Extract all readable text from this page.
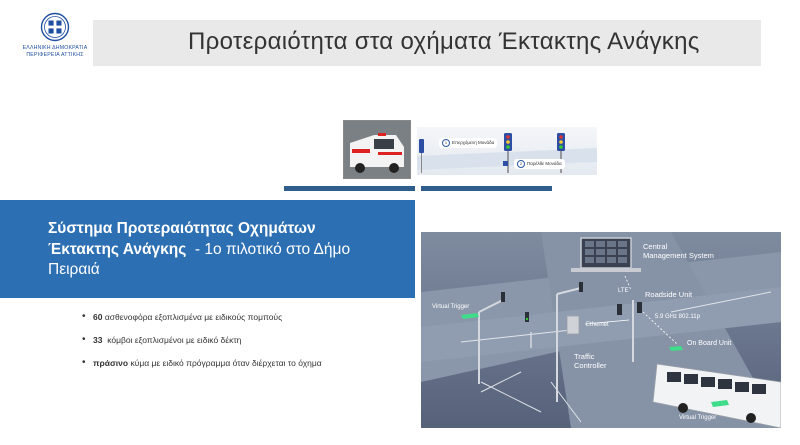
ΕΛΛΗΝΙΚΗ ΔΗΜΟΚΡΑΤΙΑ
ΠΕΡΙΦΕΡΕΙΑ ΑΤΤΙΚΗΣ	Προτεραιότητα στα οχήματα Έκτακτης Ανάγκης
1 Επερχόμενη Μονάδα
2 Παρέλθε Μονάδα
Σύστημα Προτεραιότητας Οχημάτων
Έκτακτης Ανάγκης  - 1ο πιλοτικό στο Δήμο
Πειραιά
• 60 ασθενοφόρα εξοπλισμένα με ειδικούς πομπούς
• 33  κόμβοι εξοπλισμένοι με ειδικό δέκτη
• πράσινο κύμα με ειδικό πρόγραμμα όταν διέρχεται το όχημα
Central
Management System
LTE Roadside Unit
5.9 GHz 802.11p
Ethernet
On Board Unit
Traffic
Controller
Virtual Trigger
Virtual Trigger
